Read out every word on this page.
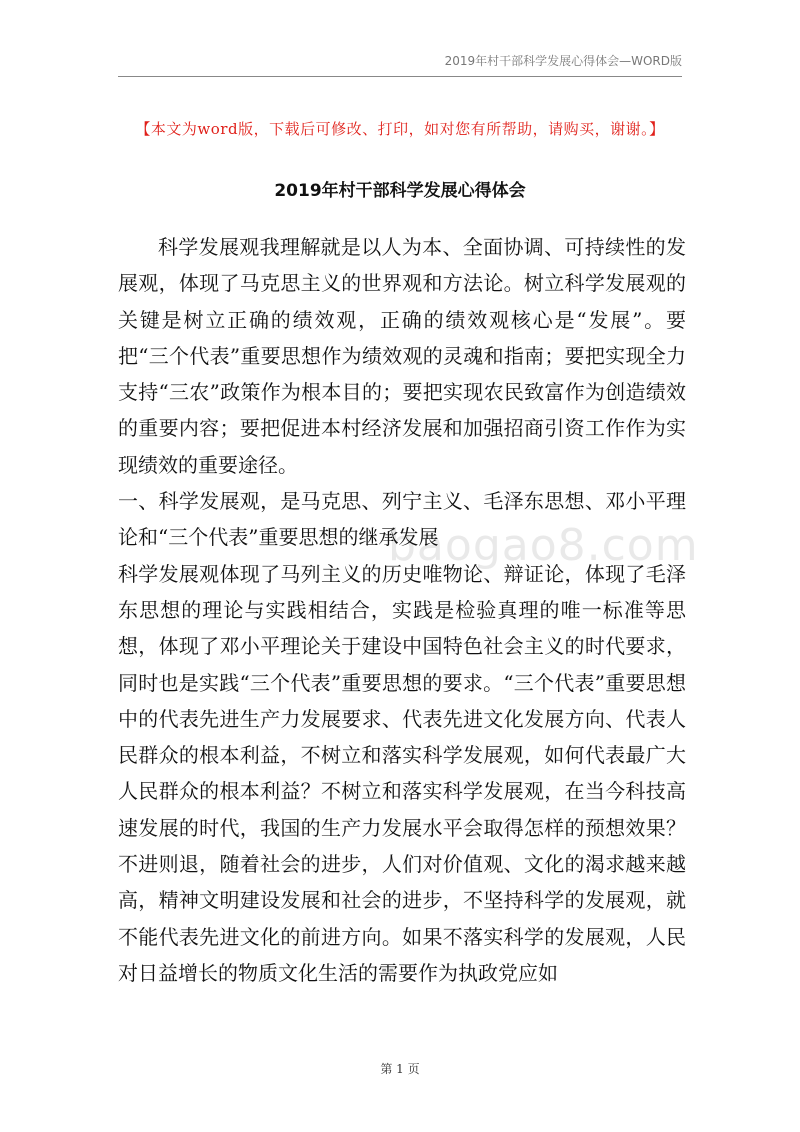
2019年村干部科学发展心得体会—WORD版
【本文为word版，下载后可修改、打印，如对您有所帮助，请购买，谢谢。】
2019年村干部科学发展心得体会
baogao8.com

科学发展观我理解就是以人为本、全面协调、可持续性的发展观，体现了马克思主义的世界观和方法论。树立科学发展观的关键是树立正确的绩效观，正确的绩效观核心是“发展”。要把“三个代表”重要思想作为绩效观的灵魂和指南；要把实现全力支持“三农”政策作为根本目的；要把实现农民致富作为创造绩效的重要内容；要把促进本村经济发展和加强招商引资工作作为实现绩效的重要途径。

一、科学发展观，是马克思、列宁主义、毛泽东思想、邓小平理论和“三个代表”重要思想的继承发展

科学发展观体现了马列主义的历史唯物论、辩证论，体现了毛泽东思想的理论与实践相结合，实践是检验真理的唯一标准等思想，体现了邓小平理论关于建设中国特色社会主义的时代要求，同时也是实践“三个代表”重要思想的要求。“三个代表”重要思想中的代表先进生产力发展要求、代表先进文化发展方向、代表人民群众的根本利益，不树立和落实科学发展观，如何代表最广大人民群众的根本利益？不树立和落实科学发展观，在当今科技高速发展的时代，我国的生产力发展水平会取得怎样的预想效果？不进则退，随着社会的进步，人们对价值观、文化的渴求越来越高，精神文明建设发展和社会的进步，不坚持科学的发展观，就不能代表先进文化的前进方向。如果不落实科学的发展观，人民对日益增长的物质文化生活的需要作为执政党应如

第 1 页
